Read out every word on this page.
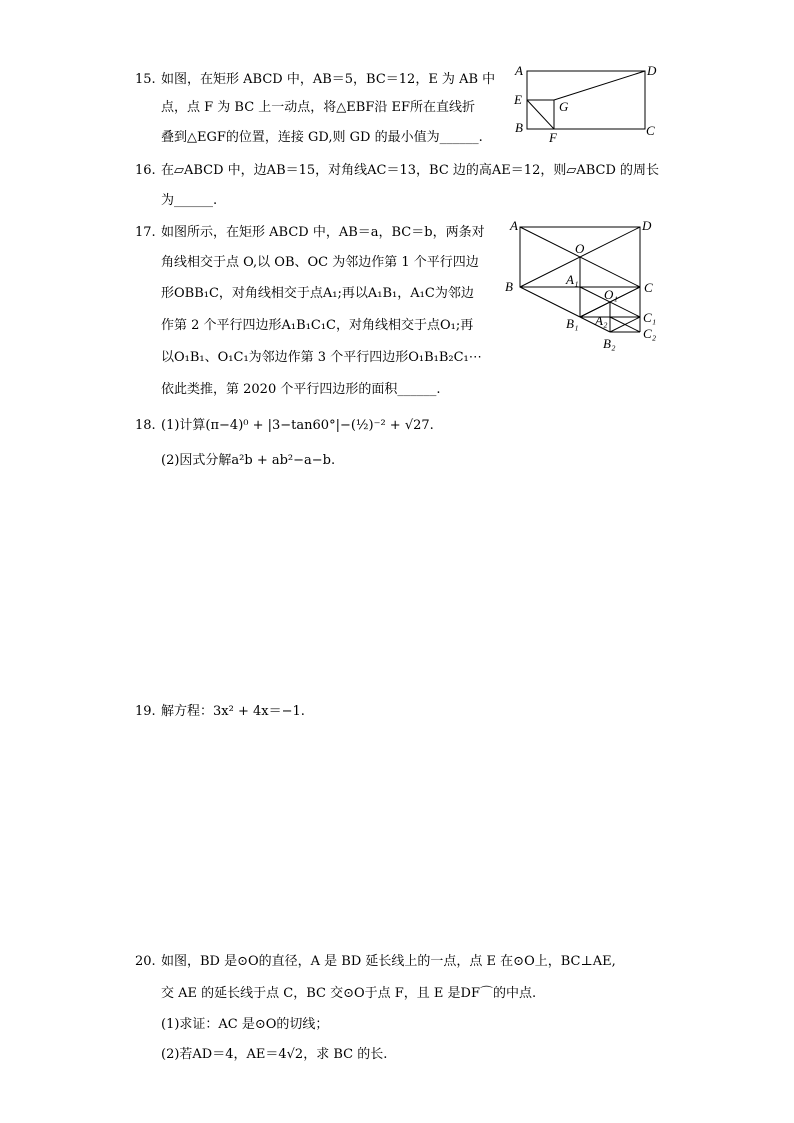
15. 如图，在矩形 ABCD 中，AB＝5，BC＝12，E 为 AB 中
点，点 F 为 BC 上一动点，将△EBF沿 EF所在直线折
叠到△EGF的位置，连接 GD,则 GD 的最小值为______.
A	D
E	G
B
F	C
16. 在▱ABCD 中，边AB＝15，对角线AC＝13，BC 边的高AE＝12，则▱ABCD 的周长
为______.
17. 如图所示，在矩形 ABCD 中，AB＝a，BC＝b，两条对
角线相交于点 O,以 OB、OC 为邻边作第 1 个平行四边
形OBB₁C，对角线相交于点A₁;再以A₁B₁，A₁C为邻边
作第 2 个平行四边形A₁B₁C₁C，对角线相交于点O₁;再
以O₁B₁、O₁C₁为邻边作第 3 个平行四边形O₁B₁B₂C₁⋯
依此类推，第 2020 个平行四边形的面积______.
A	D
O
A₁
B
O₁ C
A₂
B₁	C₁
C₂
B₂
18. (1)计算(π−4)⁰ + |3−tan60°|−(½)⁻² + √27.
(2)因式分解a²b + ab²−a−b.
19. 解方程：3x² + 4x＝−1.
20. 如图，BD 是⊙O的直径，A 是 BD 延长线上的一点，点 E 在⊙O上，BC⊥AE,
交 AE 的延长线于点 C，BC 交⊙O于点 F，且 E 是DF⌒的中点.
(1)求证：AC 是⊙O的切线；
(2)若AD＝4，AE＝4√2，求 BC 的长.
